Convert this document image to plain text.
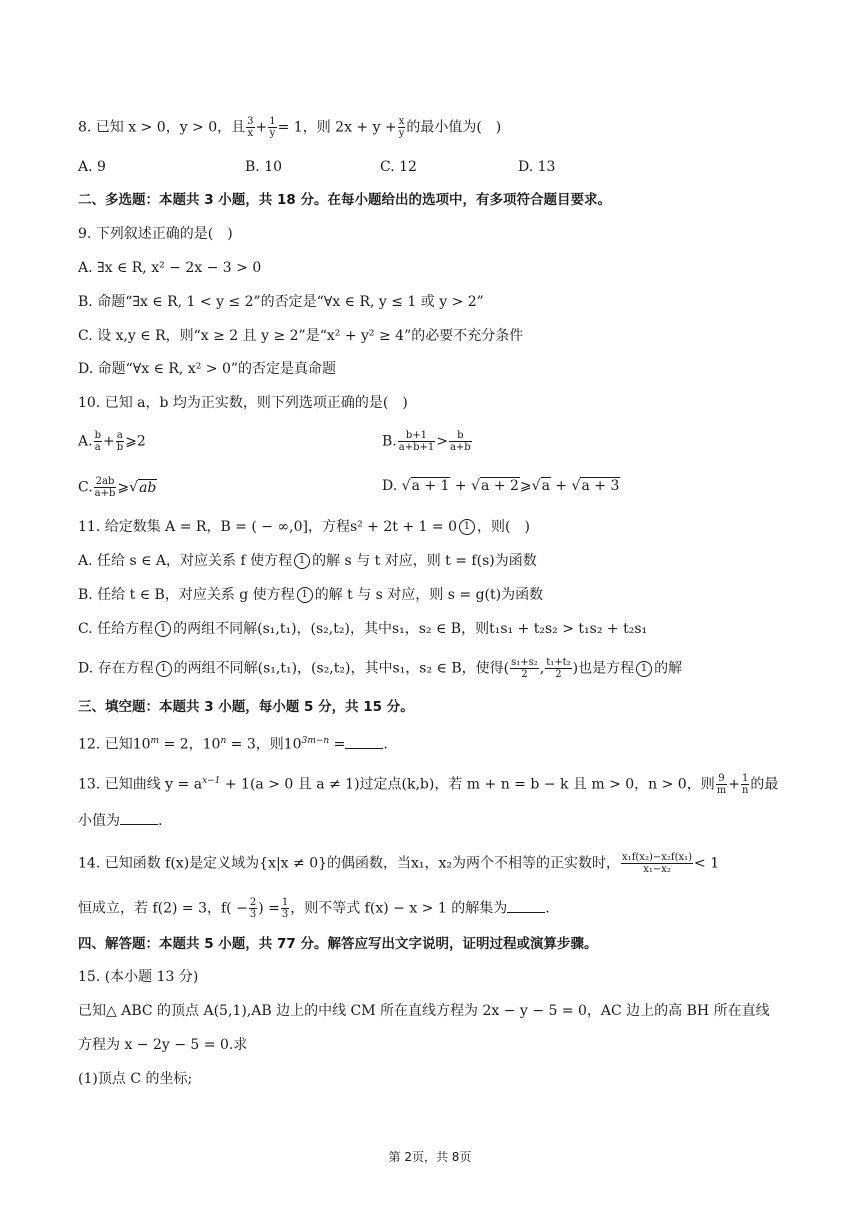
8. 已知 x > 0，y > 0，且 $\frac{3}{x} + \frac{1}{y} = 1$，则 $2x + y + \frac{x}{y}$ 的最小值为(　)
A. 9	B. 10	C. 12	D. 13
二、多选题：本题共 3 小题，共 18 分。在每小题给出的选项中，有多项符合题目要求。
9. 下列叙述正确的是(　)
A. ∃x ∈ R, x² − 2x − 3 > 0
B. 命题“∃x ∈ R, 1 < y ≤ 2”的否定是“∀x ∈ R, y ≤ 1 或 y > 2”
C. 设 x,y ∈ R，则“x ≥ 2 且 y ≥ 2”是“x² + y² ≥ 4”的必要不充分条件
D. 命题“∀x ∈ R, x² > 0”的否定是真命题
10. 已知 a，b 均为正实数，则下列选项正确的是(　)
A. $\frac{b}{a} + \frac{a}{b}$ ⩾2	B. $\frac{b+1}{a+b+1} > \frac{b}{a+b}$
C. $\frac{2ab}{a+b}$ ⩾√ab	D. √a + 1 + √a + 2⩾√a + √a + 3
11. 给定数集 A = R，B = ( − ∞,0]，方程s² + 2t + 1 = 0 1 ，则(　)
A. 任给 s ∈ A，对应关系 f 使方程 1 的解 s 与 t 对应，则 t = f(s)为函数
B. 任给 t ∈ B，对应关系 g 使方程 1 的解 t 与 s 对应，则 s = g(t)为函数
C. 任给方程 1 的两组不同解(s₁,t₁)，(s₂,t₂)，其中s₁，s₂ ∈ B，则t₁s₁ + t₂s₂ > t₁s₂ + t₂s₁
D. 存在方程 1 的两组不同解(s₁,t₁)，(s₂,t₂)，其中s₁，s₂ ∈ B，使得( $\frac{\text{s₁+s₂}}{2}$ , $\frac{\text{t₁+t₂}}{2}$ )也是方程 1 的解
三、填空题：本题共 3 小题，每小题 5 分，共 15 分。
12. 已知$10^m = 2$，$10^n = 3$，则$10^{3m-n}$ =	.
13. 已知曲线 $y = a^{x-1} + 1(a > 0$ 且 a ≠ 1)过定点(k,b)，若 m + n = b − k 且 m > 0，n > 0，则 $\frac{9}{m} + \frac{1}{n}$ 的最
小值为	.
14. 已知函数 f(x)是定义域为{x|x ≠ 0}的偶函数，当x₁，x₂为两个不相等的正实数时， $\frac{\text{x₁f(x₂)−x₂f(x₁)}}{\text{x₁−x₂}} < 1$
恒成立，若 f(2) = 3，$f( - \frac{2}{3}$ ) = $\frac{1}{3}$ ，则不等式 f(x) − x > 1 的解集为	.
四、解答题：本题共 5 小题，共 77 分。解答应写出文字说明，证明过程或演算步骤。
15. (本小题 13 分)
已知△ ABC 的顶点 A(5,1),AB 边上的中线 CM 所在直线方程为 2x − y − 5 = 0，AC 边上的高 BH 所在直线
方程为 x − 2y − 5 = 0.求
(1)顶点 C 的坐标;
第 2页，共 8页
